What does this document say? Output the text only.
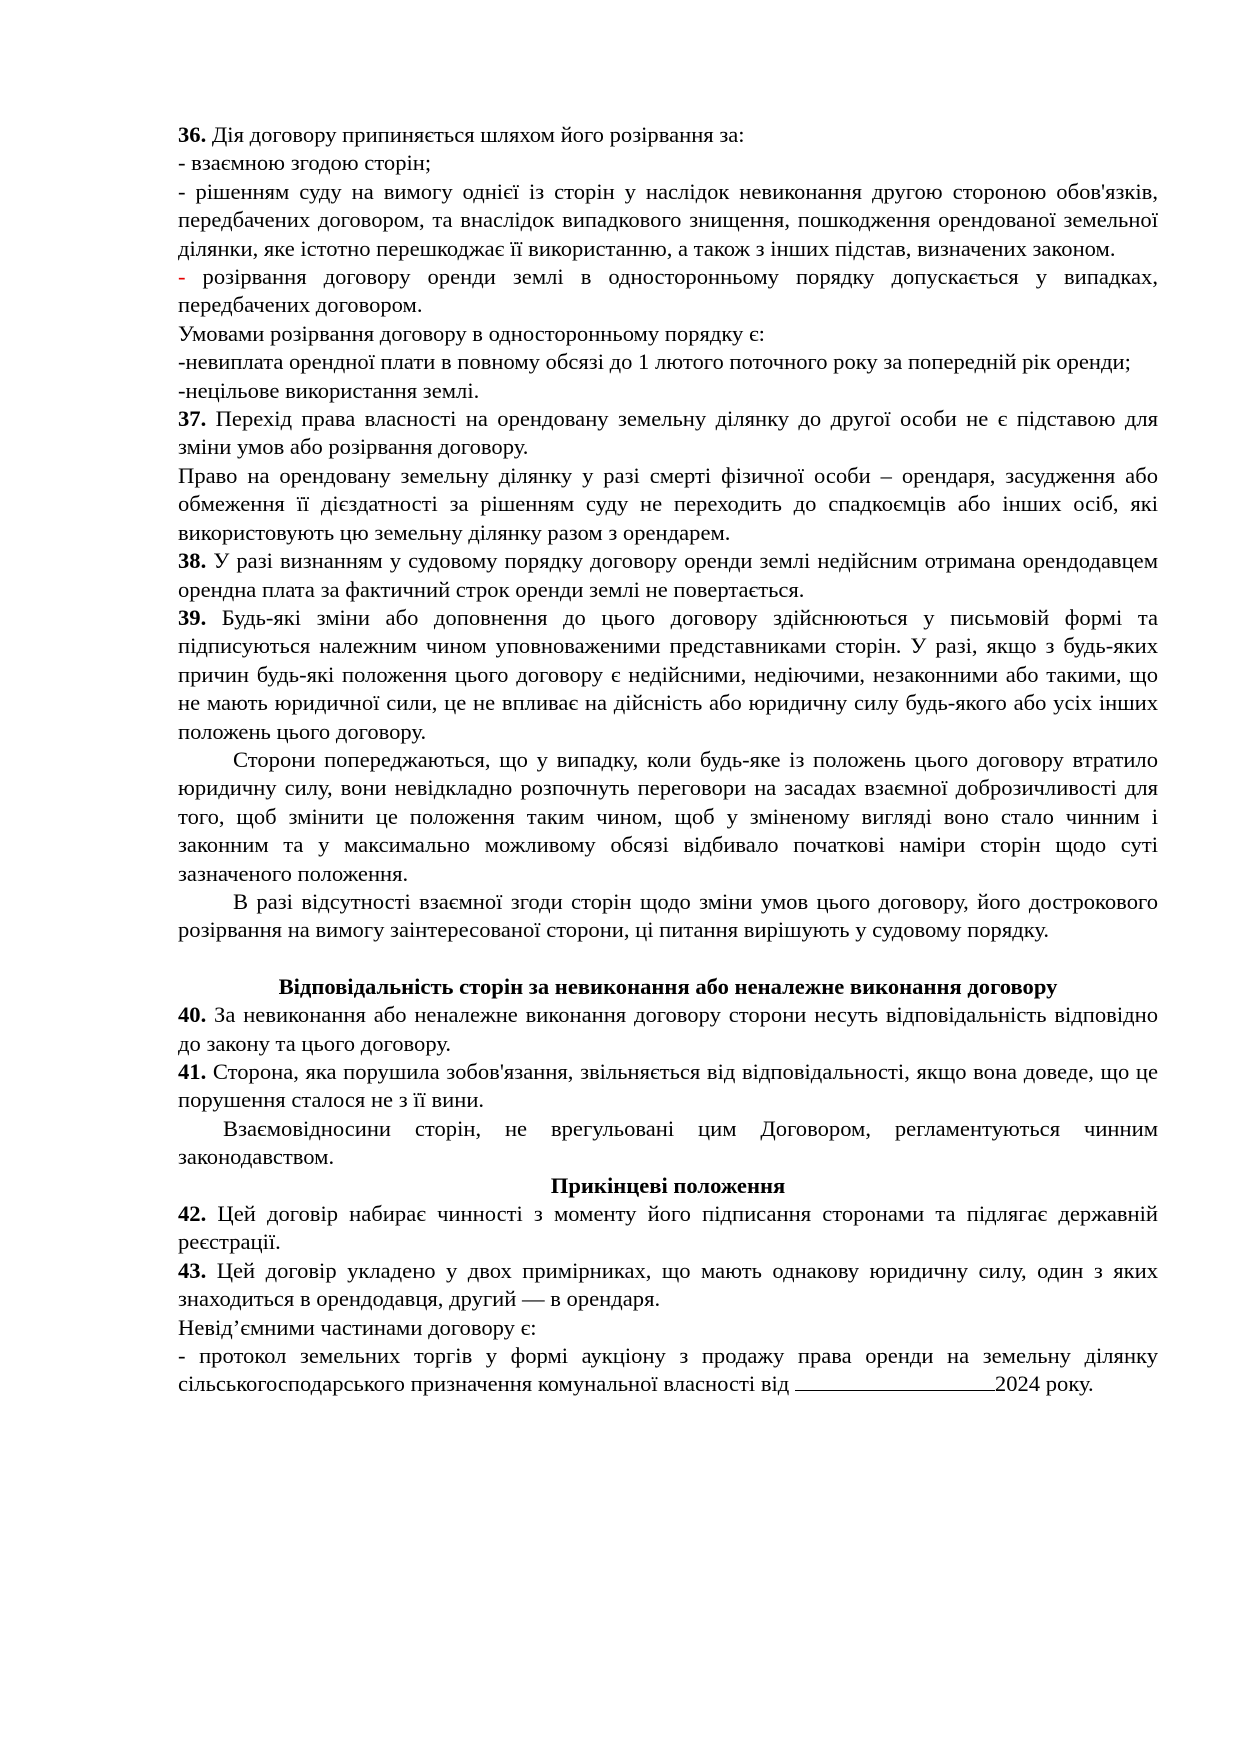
36. Дія договору припиняється шляхом його розірвання за:

- взаємною згодою сторін;

- рішенням суду на вимогу однієї із сторін у наслідок невиконання другою стороною обов'язків, передбачених договором, та внаслідок випадкового знищення, пошкодження орендованої земельної ділянки, яке істотно перешкоджає її використанню, а також з інших підстав, визначених законом.

- розірвання договору оренди землі в односторонньому порядку допускається у випадках, передбачених договором.

Умовами розірвання договору в односторонньому порядку є:

-невиплата орендної плати в повному обсязі до 1 лютого поточного року за попередній рік оренди;

-нецільове використання землі.

37. Перехід права власності на орендовану земельну ділянку до другої особи не є підставою для зміни умов або розірвання договору.

Право на орендовану земельну ділянку у разі смерті фізичної особи – орендаря, засудження або обмеження її дієздатності за рішенням суду не переходить до спадкоємців або інших осіб, які використовують цю земельну ділянку разом з орендарем.

38. У разі визнанням у судовому порядку договору оренди землі недійсним отримана орендодавцем орендна плата за фактичний строк оренди землі не повертається.

39. Будь-які зміни або доповнення до цього договору здійснюються у письмовій формі та підписуються належним чином уповноваженими представниками сторін. У разі, якщо з будь-яких причин будь-які положення цього договору є недійсними, недіючими, незаконними або такими, що не мають юридичної сили, це не впливає на дійсність або юридичну силу будь-якого або усіх інших положень цього договору.

Сторони попереджаються, що у випадку, коли будь-яке із положень цього договору втратило юридичну силу, вони невідкладно розпочнуть переговори на засадах взаємної доброзичливості для того, щоб змінити це положення таким чином, щоб у зміненому вигляді воно стало чинним і законним та у максимально можливому обсязі відбивало початкові наміри сторін щодо суті зазначеного положення.

В разі відсутності взаємної згоди сторін щодо зміни умов цього договору, його дострокового розірвання на вимогу заінтересованої сторони, ці питання вирішують у судовому порядку.

Відповідальність сторін за невиконання або неналежне виконання договору

40. За невиконання або неналежне виконання договору сторони несуть відповідальність відповідно до закону та цього договору.

41. Сторона, яка порушила зобов'язання, звільняється від відповідальності, якщо вона доведе, що це порушення сталося не з її вини.

Взаємовідносини сторін, не врегульовані цим Договором, регламентуються чинним законодавством.

Прикінцеві положення

42. Цей договір набирає чинності з моменту його підписання сторонами та підлягає державній реєстрації.

43. Цей договір укладено у двох примірниках, що мають однакову юридичну силу, один з яких знаходиться в орендодавця, другий — в орендаря.

Невід’ємними частинами договору є:

- протокол земельних торгів у формі аукціону з продажу права оренди на земельну ділянку сільськогосподарського призначення комунальної власності від	2024 року.
